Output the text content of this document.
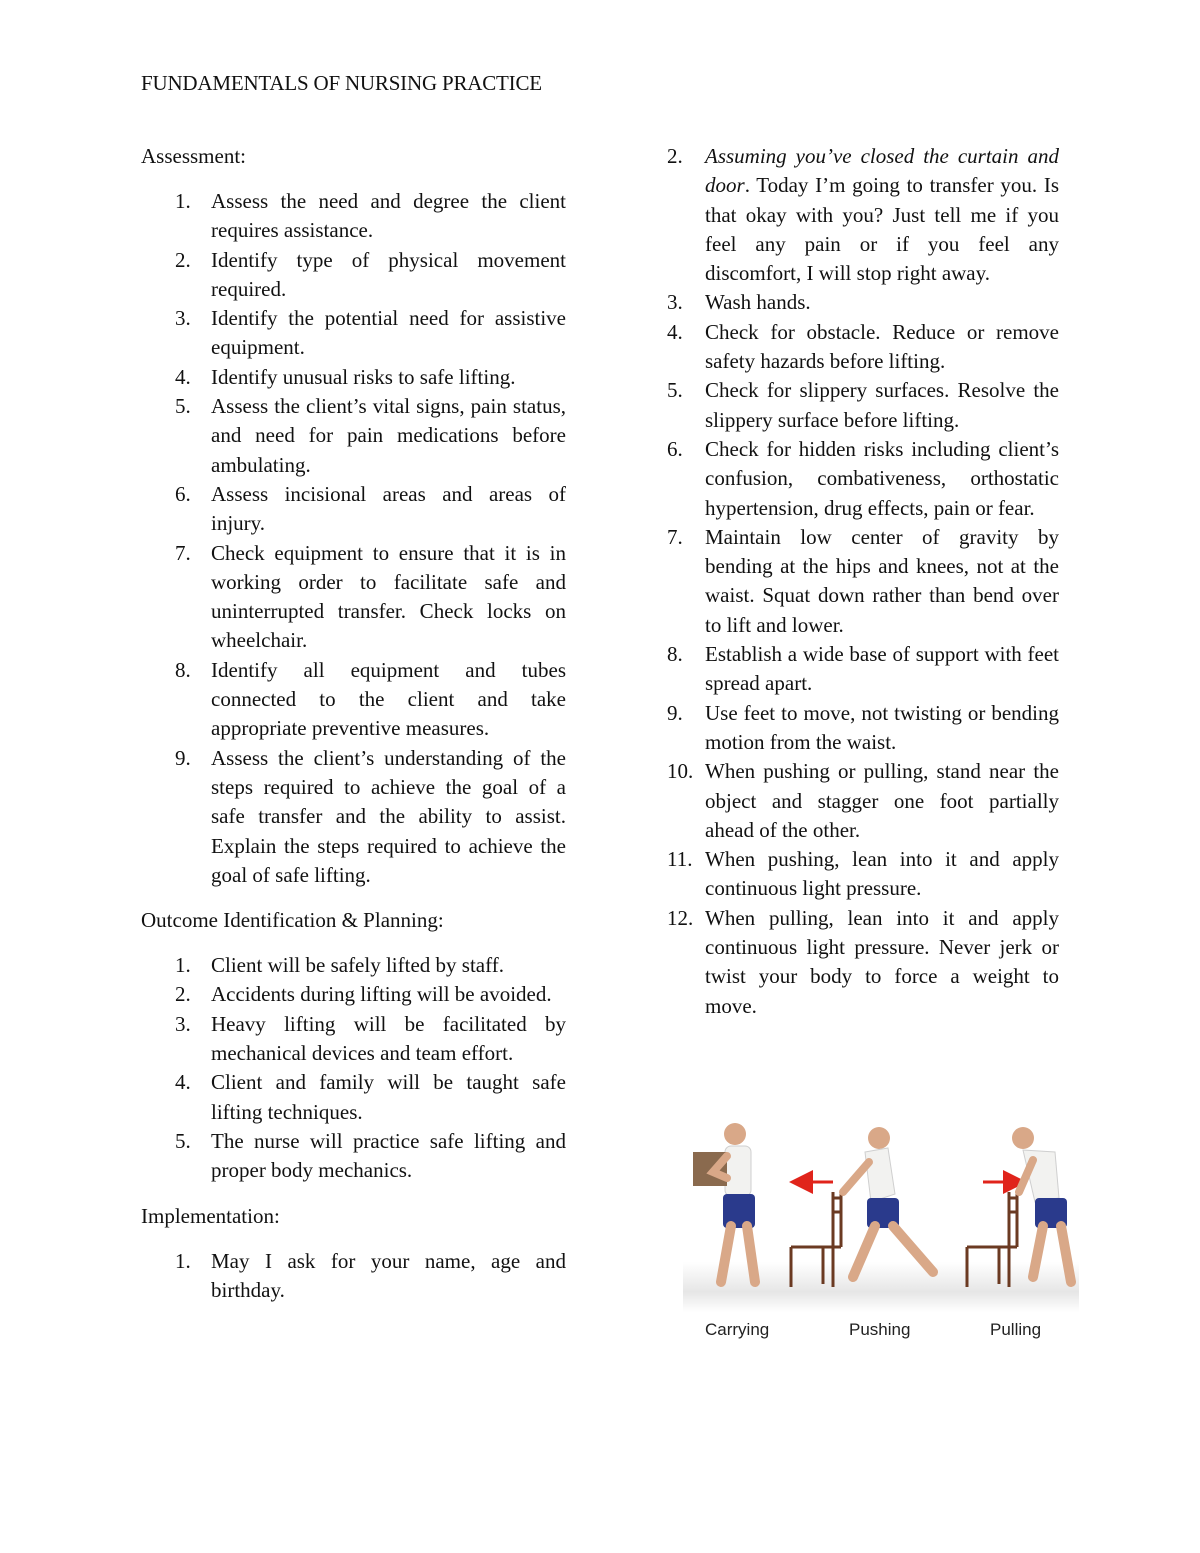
FUNDAMENTALS OF NURSING PRACTICE

Assessment:

1. Assess the need and degree the client requires assistance.
2. Identify type of physical movement required.
3. Identify the potential need for assistive equipment.
4. Identify unusual risks to safe lifting.
5. Assess the client’s vital signs, pain status, and need for pain medications before ambulating.
6. Assess incisional areas and areas of injury.
7. Check equipment to ensure that it is in working order to facilitate safe and uninterrupted transfer. Check locks on wheelchair.
8. Identify all equipment and tubes connected to the client and take appropriate preventive measures.
9. Assess the client’s understanding of the steps required to achieve the goal of a safe transfer and the ability to assist. Explain the steps required to achieve the goal of safe lifting.

Outcome Identification & Planning:

1. Client will be safely lifted by staff.
2. Accidents during lifting will be avoided.
3. Heavy lifting will be facilitated by mechanical devices and team effort.
4. Client and family will be taught safe lifting techniques.
5. The nurse will practice safe lifting and proper body mechanics.

Implementation:

1. May I ask for your name, age and birthday.
2. Assuming you’ve closed the curtain and door. Today I’m going to transfer you. Is that okay with you? Just tell me if you feel any pain or if you feel any discomfort, I will stop right away.
3. Wash hands.
4. Check for obstacle. Reduce or remove safety hazards before lifting.
5. Check for slippery surfaces. Resolve the slippery surface before lifting.
6. Check for hidden risks including client’s confusion, combativeness, orthostatic hypertension, drug effects, pain or fear.
7. Maintain low center of gravity by bending at the hips and knees, not at the waist. Squat down rather than bend over to lift and lower.
8. Establish a wide base of support with feet spread apart.
9. Use feet to move, not twisting or bending motion from the waist.
10. When pushing or pulling, stand near the object and stagger one foot partially ahead of the other.
11. When pushing, lean into it and apply continuous light pressure.
12. When pulling, lean into it and apply continuous light pressure. Never jerk or twist your body to force a weight to move.
Carrying	Pushing	Pulling
